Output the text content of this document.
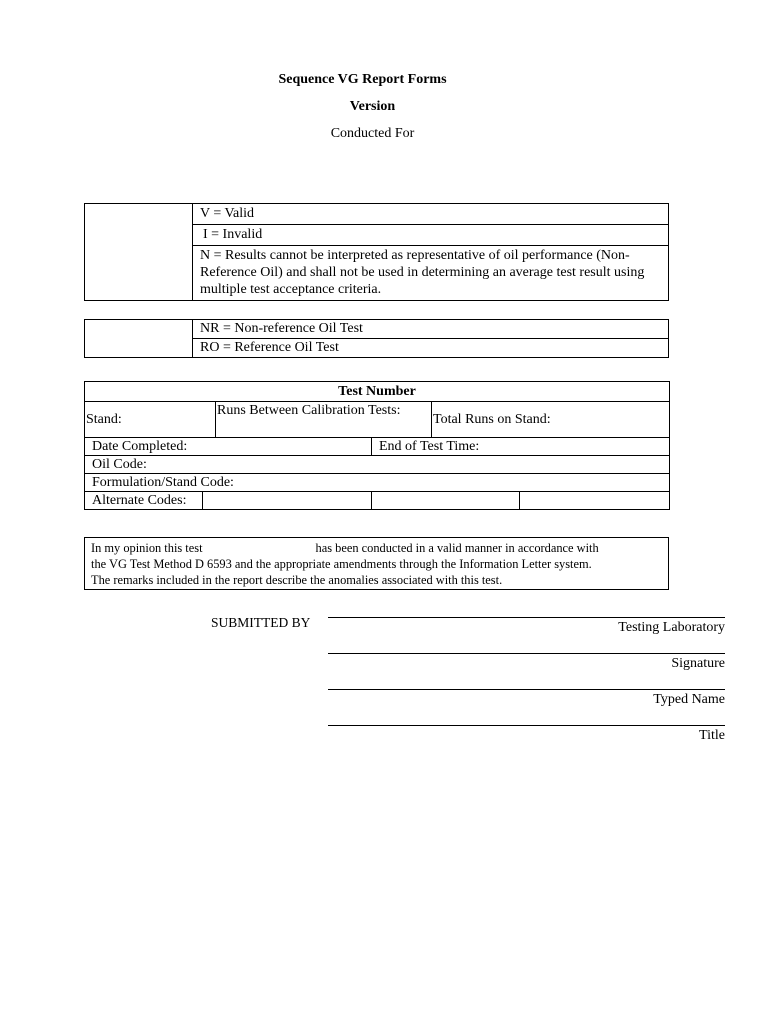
Sequence VG Report Forms
Version
Conducted For
	V = Valid
I = Invalid
N = Results cannot be interpreted as representative of oil performance (Non-Reference Oil) and shall not be used in determining an average test result using multiple test acceptance criteria.
	NR = Non-reference Oil Test
RO = Reference Oil Test
Test Number					
Stand:		Runs Between Calibration Tests:		Total Runs on Stand:	
Date Completed:			End of Test Time:		
Oil Code:					
Formulation/Stand Code:					
Alternate Codes:					
In my opinion this test	has been conducted in a valid manner in accordance with
the VG Test Method D 6593 and the appropriate amendments through the Information Letter system.
The remarks included in the report describe the anomalies associated with this test.
SUBMITTED BY	Testing Laboratory
Signature
Typed Name
Title
